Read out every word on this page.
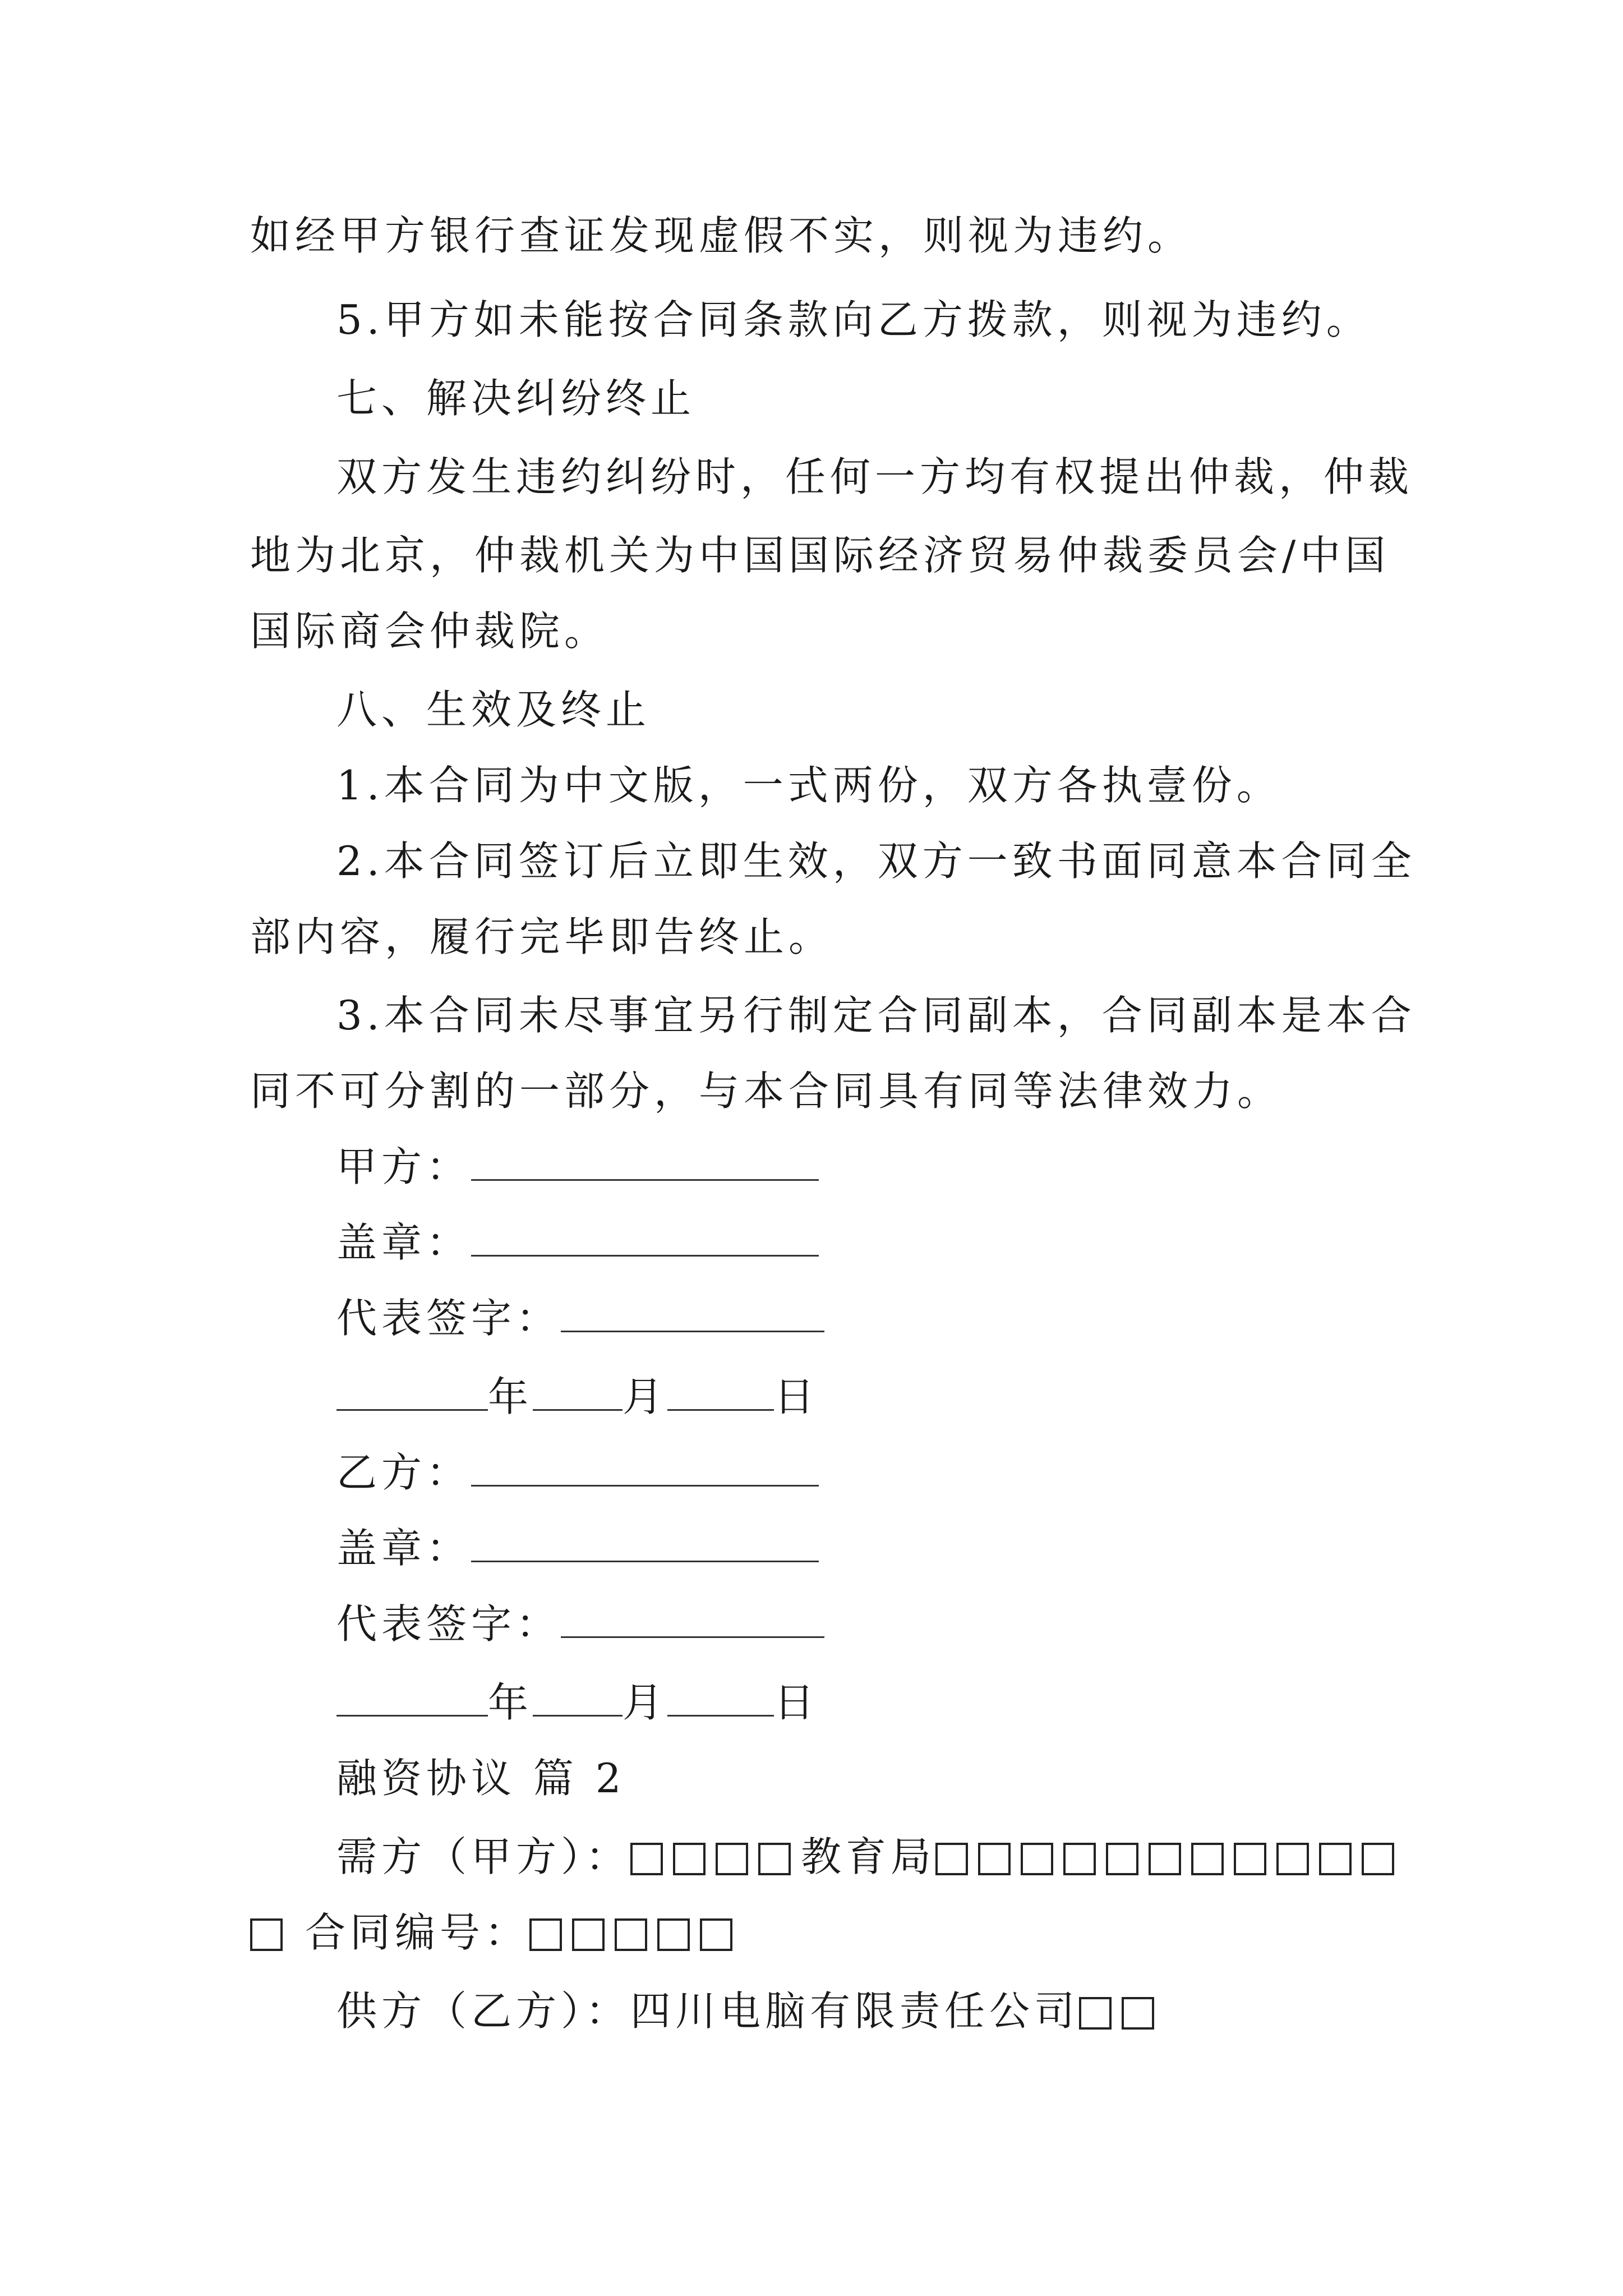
如经甲方银行查证发现虚假不实，则视为违约。
5.甲方如未能按合同条款向乙方拨款，则视为违约。
七、解决纠纷终止
双方发生违约纠纷时，任何一方均有权提出仲裁，仲裁
地为北京，仲裁机关为中国国际经济贸易仲裁委员会/中国
国际商会仲裁院。
八、生效及终止
1.本合同为中文版，一式两份，双方各执壹份。
2.本合同签订后立即生效，双方一致书面同意本合同全
部内容，履行完毕即告终止。
3.本合同未尽事宜另行制定合同副本，合同副本是本合
同不可分割的一部分，与本合同具有同等法律效力。
甲方：
盖章：
代表签字：
年 月	日
乙方：
盖章：
代表签字：
年 月	日
融资协议 篇 2
需方（甲方）：	教育局
合同编号：
供方（乙方）：四川电脑有限责任公司
